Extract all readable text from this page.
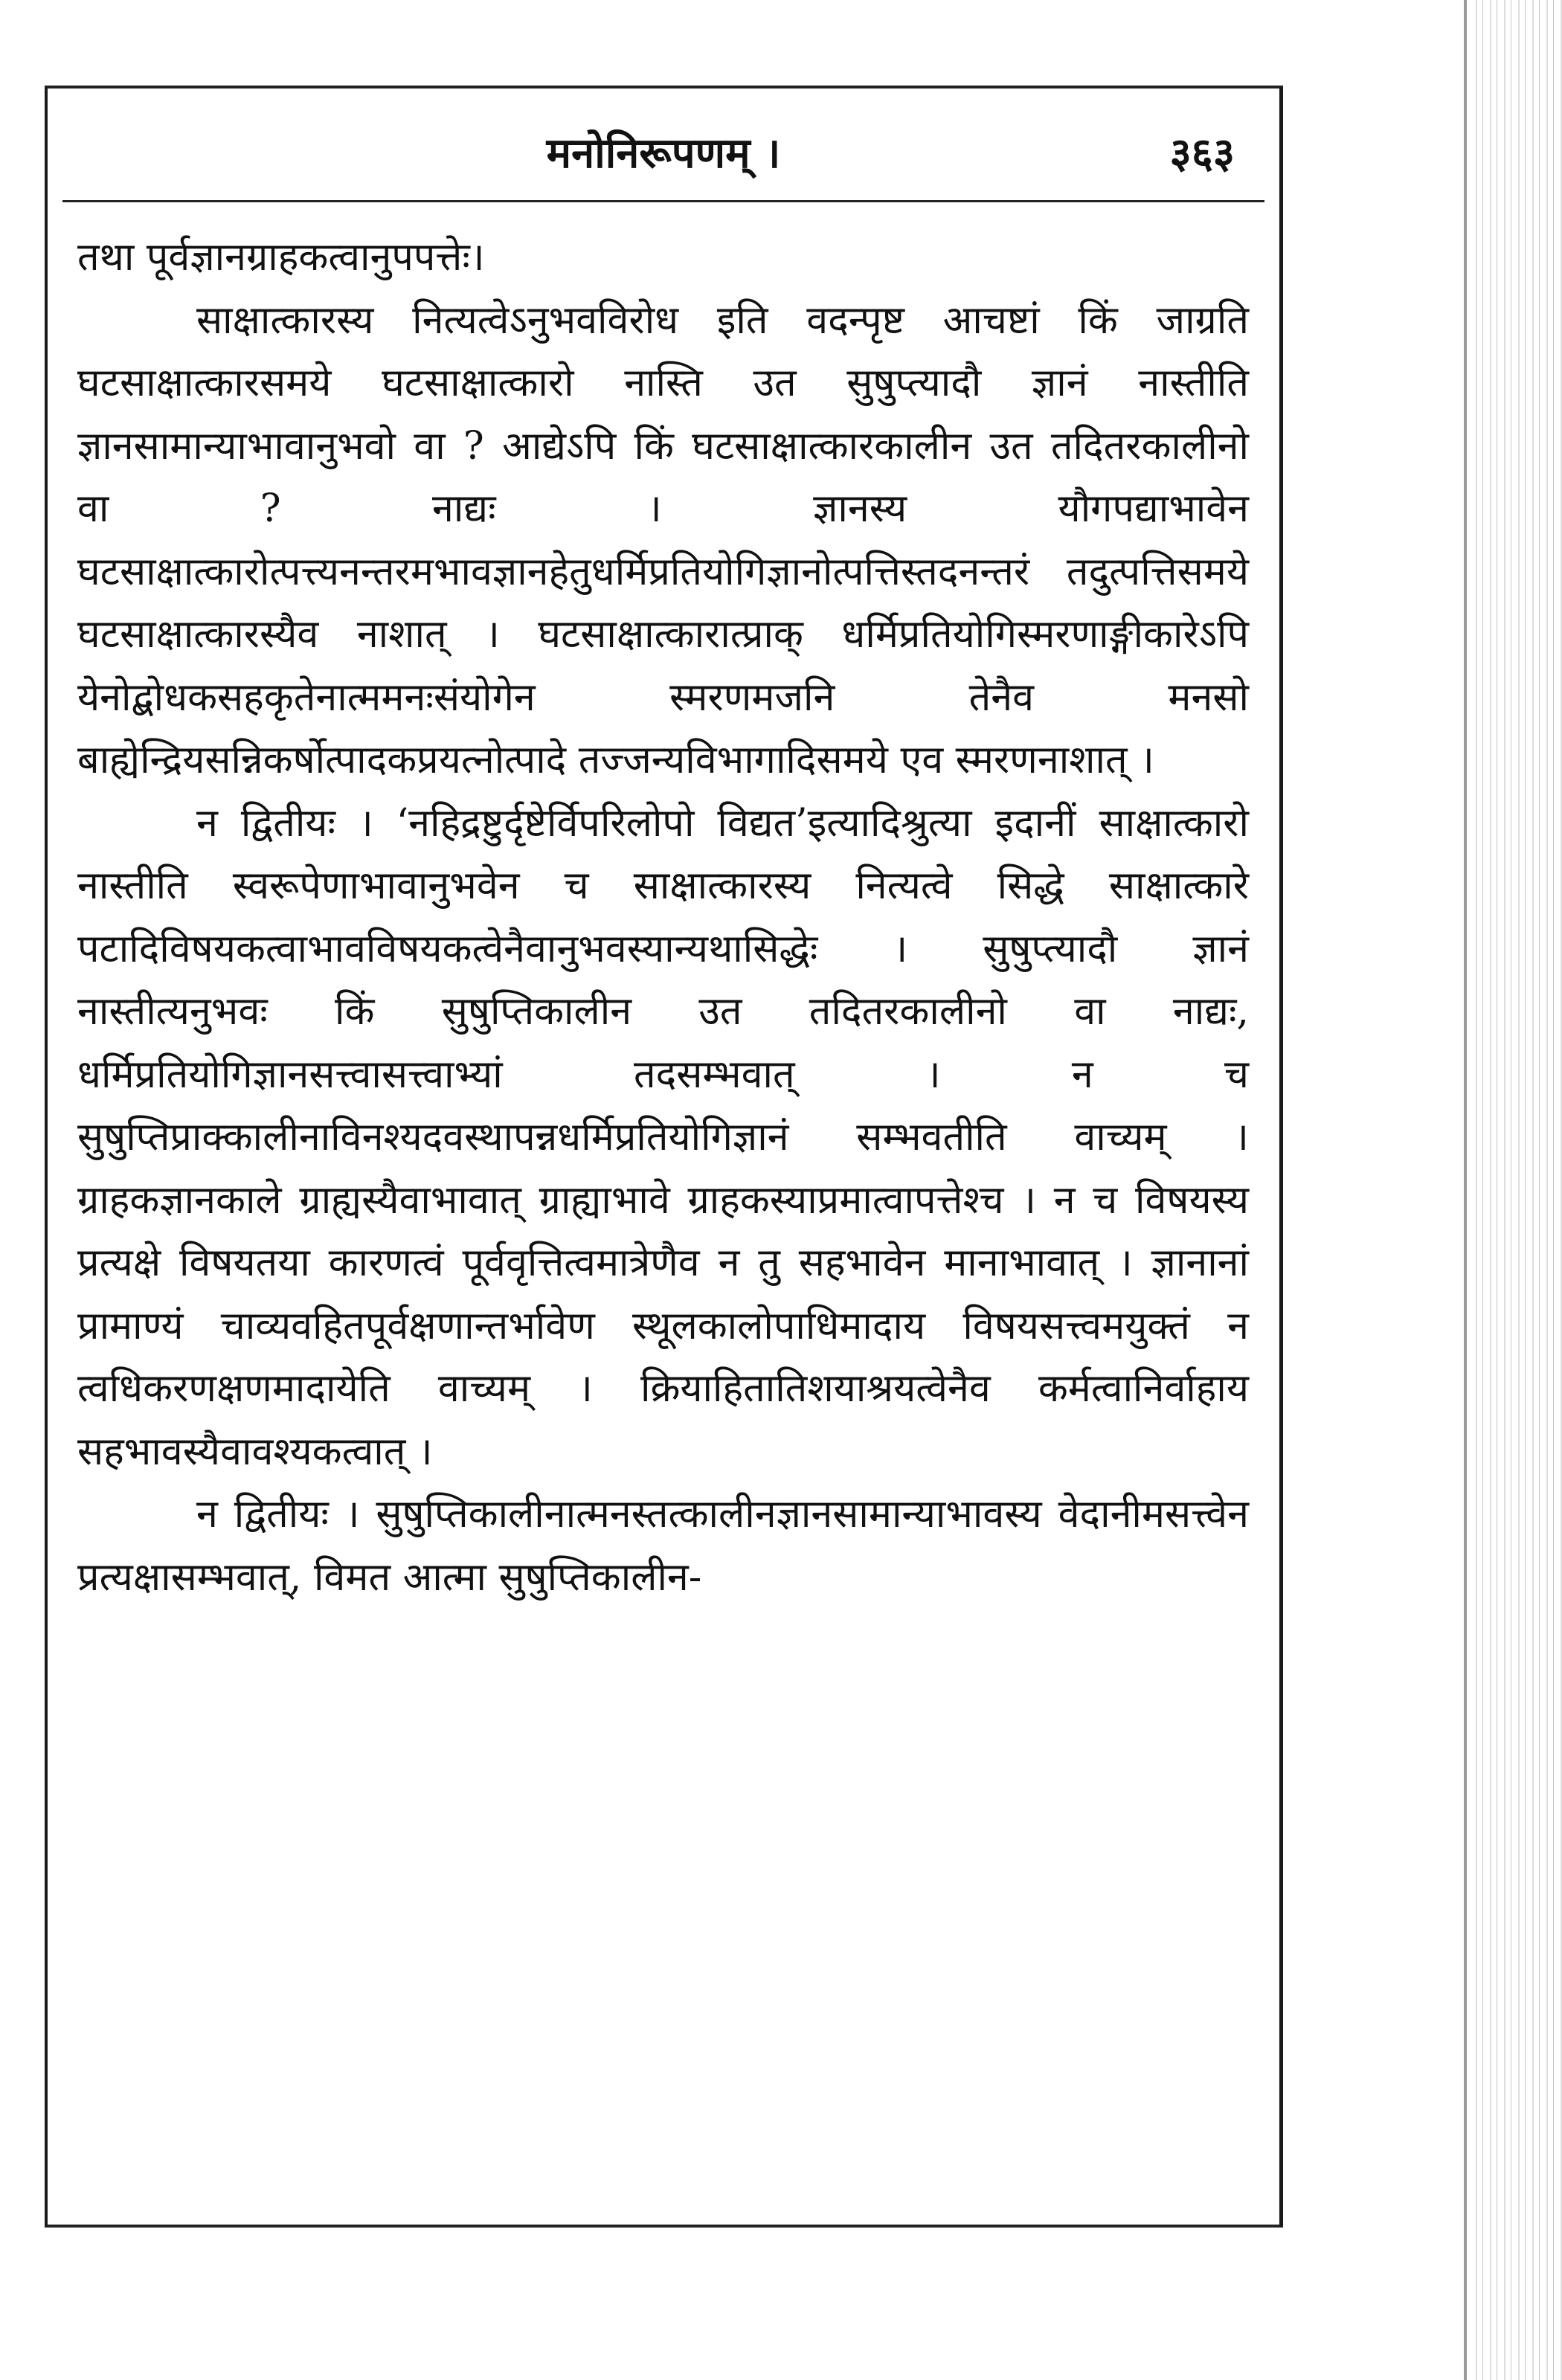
मनोनिरूपणम् ।	३६३

तथा पूर्वज्ञानग्राहकत्वानुपपत्तेः।

साक्षात्कारस्य नित्यत्वेऽनुभवविरोध इति वदन्पृष्ट आचष्टां किं जाग्रति घटसाक्षात्कारसमये घटसाक्षात्कारो नास्ति उत सुषुप्त्यादौ ज्ञानं नास्तीति ज्ञानसामान्याभावानुभवो वा ? आद्येऽपि किं घटसाक्षात्कारकालीन उत तदितरकालीनो वा ? नाद्यः । ज्ञानस्य यौगपद्याभावेन घटसाक्षात्कारोत्पत्त्यनन्तरमभावज्ञानहेतुधर्मिप्रतियोगिज्ञानोत्पत्तिस्तदनन्तरं तदुत्पत्तिसमये घटसाक्षात्कारस्यैव नाशात् । घटसाक्षात्कारात्प्राक् धर्मिप्रतियोगिस्मरणाङ्गीकारेऽपि येनोद्बोधकसहकृतेनात्ममनःसंयोगेन स्मरणमजनि तेनैव मनसो बाह्येन्द्रियसन्निकर्षोत्पादकप्रयत्नोत्पादे तज्जन्यविभागादिसमये एव स्मरणनाशात् ।

न द्वितीयः । ‘नहिद्रष्टुर्दृष्टेर्विपरिलोपो विद्यत’इत्यादिश्रुत्या इदानीं साक्षात्कारो नास्तीति स्वरूपेणाभावानुभवेन च साक्षात्कारस्य नित्यत्वे सिद्धे साक्षात्कारे पटादिविषयकत्वाभावविषयकत्वेनैवानुभवस्यान्यथासिद्धेः । सुषुप्त्यादौ ज्ञानं नास्तीत्यनुभवः किं सुषुप्तिकालीन उत तदितरकालीनो वा नाद्यः, धर्मिप्रतियोगिज्ञानसत्त्वासत्त्वाभ्यां तदसम्भवात् । न च सुषुप्तिप्राक्कालीनाविनश्यदवस्थापन्नधर्मिप्रतियोगिज्ञानं सम्भवतीति वाच्यम् । ग्राहकज्ञानकाले ग्राह्यस्यैवाभावात् ग्राह्याभावे ग्राहकस्याप्रमात्वापत्तेश्च । न च विषयस्य प्रत्यक्षे विषयतया कारणत्वं पूर्ववृत्तित्वमात्रेणैव न तु सहभावेन मानाभावात् । ज्ञानानां प्रामाण्यं चाव्यवहितपूर्वक्षणान्तर्भावेण स्थूलकालोपाधिमादाय विषयसत्त्वमयुक्तं न त्वधिकरणक्षणमादायेति वाच्यम् । क्रियाहितातिशयाश्रयत्वेनैव कर्मत्वानिर्वाहाय सहभावस्यैवावश्यकत्वात् ।

न द्वितीयः । सुषुप्तिकालीनात्मनस्तत्कालीनज्ञानसामान्याभावस्य वेदानीमसत्त्वेन प्रत्यक्षासम्भवात्, विमत आत्मा सुषुप्तिकालीन-
